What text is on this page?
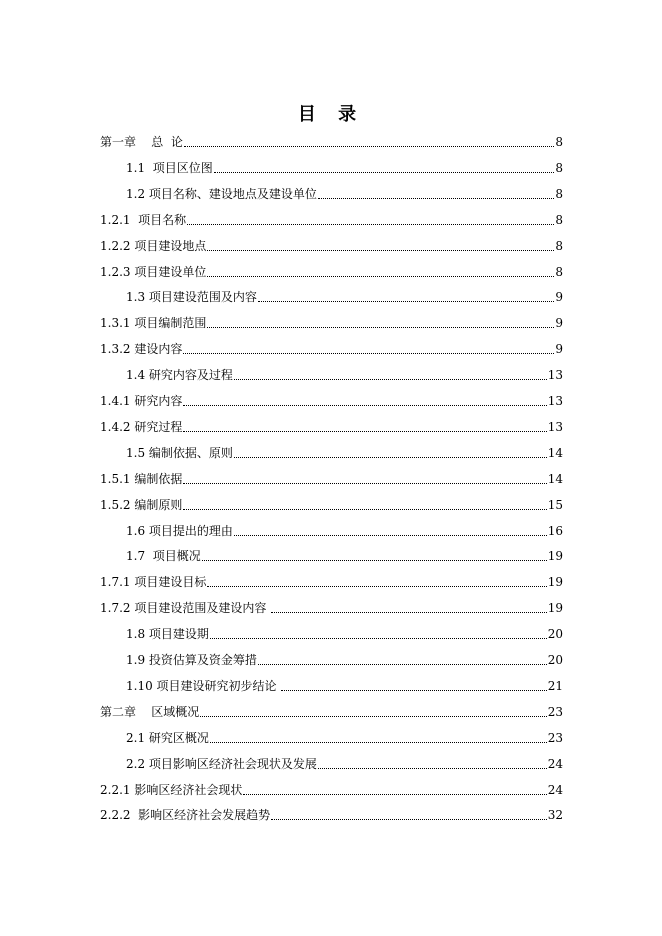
目 录
第一章    总  论	8
1.1  项目区位图	8
1.2 项目名称、建设地点及建设单位	8
1.2.1  项目名称	8
1.2.2 项目建设地点	8
1.2.3 项目建设单位	8
1.3 项目建设范围及内容	9
1.3.1 项目编制范围	9
1.3.2 建设内容	9
1.4 研究内容及过程	13
1.4.1 研究内容	13
1.4.2 研究过程	13
1.5 编制依据、原则	14
1.5.1 编制依据	14
1.5.2 编制原则	15
1.6 项目提出的理由	16
1.7  项目概况	19
1.7.1 项目建设目标	19
1.7.2 项目建设范围及建设内容	19
1.8 项目建设期	20
1.9 投资估算及资金筹措	20
1.10 项目建设研究初步结论	21
第二章    区域概况	23
2.1 研究区概况	23
2.2 项目影响区经济社会现状及发展	24
2.2.1 影响区经济社会现状	24
2.2.2  影响区经济社会发展趋势	32
